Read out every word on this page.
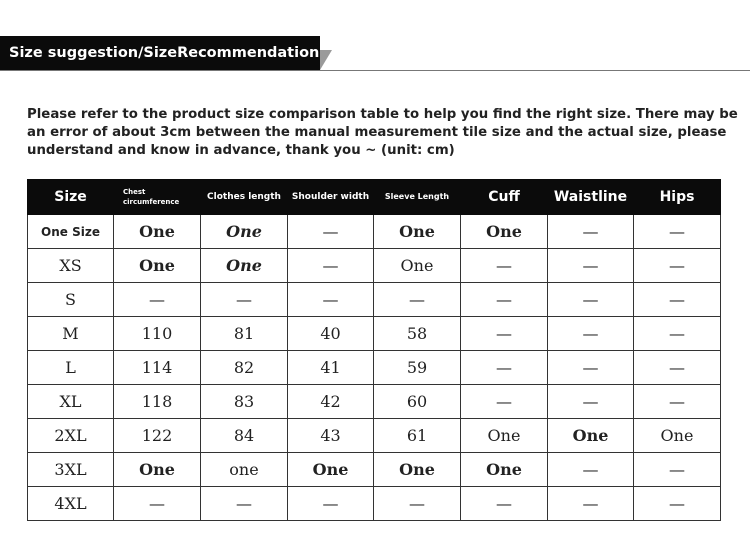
Size suggestion/SizeRecommendation

Please refer to the product size comparison table to help you find the right size. There may be an error of about 3cm between the manual measurement tile size and the actual size, please understand and know in advance, thank you ~ (unit: cm)

Size	Chest circumference	Clothes length	Shoulder width	Sleeve Length	Cuff	Waistline	Hips
One Size	One	One	—	One	One	—	—
XS	One	One	—	One	—	—	—
S	—	—	—	—	—	—	—
M	110	81	40	58	—	—	—
L	114	82	41	59	—	—	—
XL	118	83	42	60	—	—	—
2XL	122	84	43	61	One	One	One
3XL	One	one	One	One	One	—	—
4XL	—	—	—	—	—	—	—
